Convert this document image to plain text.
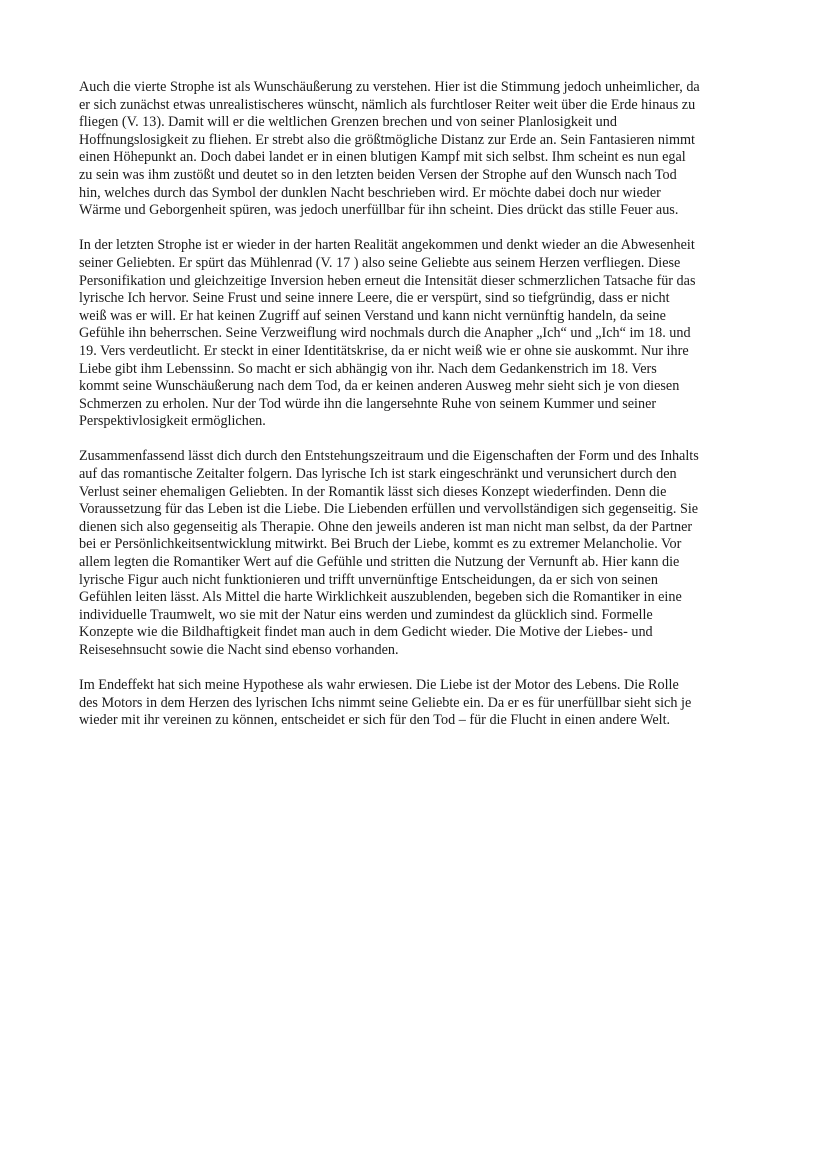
Auch die vierte Strophe ist als Wunschäußerung zu verstehen. Hier ist die Stimmung jedoch unheimlicher, da
er sich zunächst etwas unrealistischeres wünscht, nämlich als furchtloser Reiter weit über die Erde hinaus zu
fliegen (V. 13). Damit will er die weltlichen Grenzen brechen und von seiner Planlosigkeit und
Hoffnungslosigkeit zu fliehen. Er strebt also die größtmögliche Distanz zur Erde an. Sein Fantasieren nimmt
einen Höhepunkt an. Doch dabei landet er in einen blutigen Kampf mit sich selbst. Ihm scheint es nun egal
zu sein was ihm zustößt und deutet so in den letzten beiden Versen der Strophe auf den Wunsch nach Tod
hin, welches durch das Symbol der dunklen Nacht beschrieben wird. Er möchte dabei doch nur wieder
Wärme und Geborgenheit spüren, was jedoch unerfüllbar für ihn scheint. Dies drückt das stille Feuer aus.

In der letzten Strophe ist er wieder in der harten Realität angekommen und denkt wieder an die Abwesenheit
seiner Geliebten. Er spürt das Mühlenrad (V. 17 ) also seine Geliebte aus seinem Herzen verfliegen. Diese
Personifikation und gleichzeitige Inversion heben erneut die Intensität dieser schmerzlichen Tatsache für das
lyrische Ich hervor. Seine Frust und seine innere Leere, die er verspürt, sind so tiefgründig, dass er nicht
weiß was er will. Er hat keinen Zugriff auf seinen Verstand und kann nicht vernünftig handeln, da seine
Gefühle ihn beherrschen. Seine Verzweiflung wird nochmals durch die Anapher „Ich“ und „Ich“ im 18. und
19. Vers verdeutlicht. Er steckt in einer Identitätskrise, da er nicht weiß wie er ohne sie auskommt. Nur ihre
Liebe gibt ihm Lebenssinn. So macht er sich abhängig von ihr. Nach dem Gedankenstrich im 18. Vers
kommt seine Wunschäußerung nach dem Tod, da er keinen anderen Ausweg mehr sieht sich je von diesen
Schmerzen zu erholen. Nur der Tod würde ihn die langersehnte Ruhe von seinem Kummer und seiner
Perspektivlosigkeit ermöglichen.

Zusammenfassend lässt dich durch den Entstehungszeitraum und die Eigenschaften der Form und des Inhalts
auf das romantische Zeitalter folgern. Das lyrische Ich ist stark eingeschränkt und verunsichert durch den
Verlust seiner ehemaligen Geliebten. In der Romantik lässt sich dieses Konzept wiederfinden. Denn die
Voraussetzung für das Leben ist die Liebe. Die Liebenden erfüllen und vervollständigen sich gegenseitig. Sie
dienen sich also gegenseitig als Therapie. Ohne den jeweils anderen ist man nicht man selbst, da der Partner
bei er Persönlichkeitsentwicklung mitwirkt. Bei Bruch der Liebe, kommt es zu extremer Melancholie. Vor
allem legten die Romantiker Wert auf die Gefühle und stritten die Nutzung der Vernunft ab. Hier kann die
lyrische Figur auch nicht funktionieren und trifft unvernünftige Entscheidungen, da er sich von seinen
Gefühlen leiten lässt. Als Mittel die harte Wirklichkeit auszublenden, begeben sich die Romantiker in eine
individuelle Traumwelt, wo sie mit der Natur eins werden und zumindest da glücklich sind. Formelle
Konzepte wie die Bildhaftigkeit findet man auch in dem Gedicht wieder. Die Motive der Liebes- und
Reisesehnsucht sowie die Nacht sind ebenso vorhanden.

Im Endeffekt hat sich meine Hypothese als wahr erwiesen. Die Liebe ist der Motor des Lebens. Die Rolle
des Motors in dem Herzen des lyrischen Ichs nimmt seine Geliebte ein. Da er es für unerfüllbar sieht sich je
wieder mit ihr vereinen zu können, entscheidet er sich für den Tod – für die Flucht in einen andere Welt.
